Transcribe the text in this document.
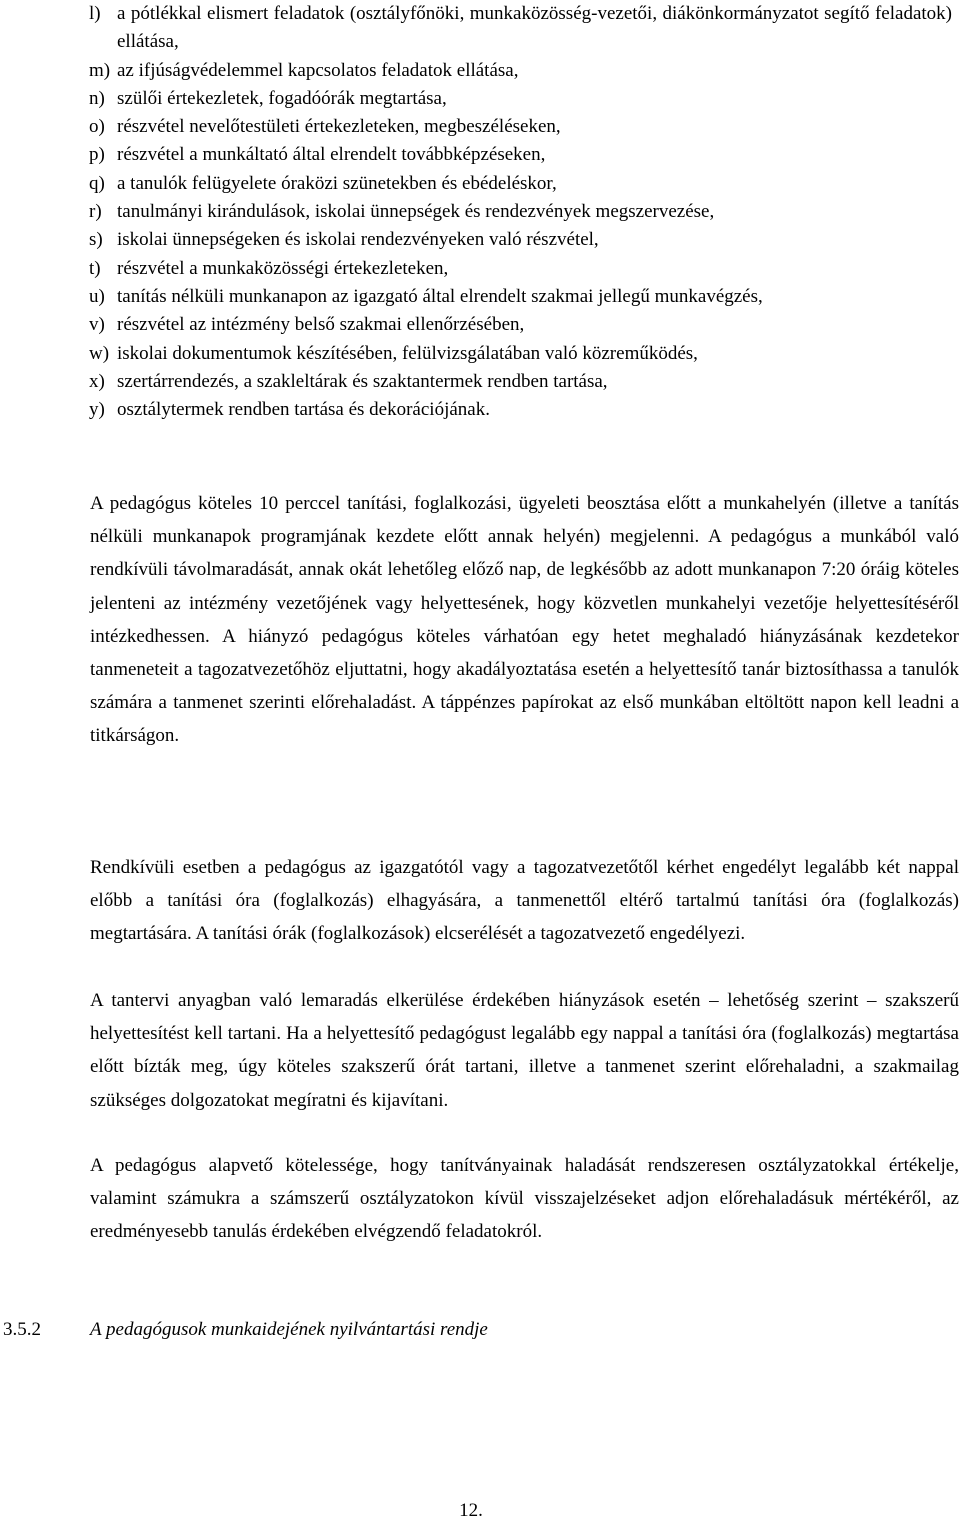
l) a pótlékkal elismert feladatok (osztályfőnöki, munkaközösség-vezetői, diákönkormányzatot segítő feladatok) ellátása,
m) az ifjúságvédelemmel kapcsolatos feladatok ellátása,
n) szülői értekezletek, fogadóórák megtartása,
o) részvétel nevelőtestületi értekezleteken, megbeszéléseken,
p) részvétel a munkáltató által elrendelt továbbképzéseken,
q) a tanulók felügyelete óraközi szünetekben és ebédeléskor,
r) tanulmányi kirándulások, iskolai ünnepségek és rendezvények megszervezése,
s) iskolai ünnepségeken és iskolai rendezvényeken való részvétel,
t) részvétel a munkaközösségi értekezleteken,
u) tanítás nélküli munkanapon az igazgató által elrendelt szakmai jellegű munkavégzés,
v) részvétel az intézmény belső szakmai ellenőrzésében,
w) iskolai dokumentumok készítésében, felülvizsgálatában való közreműködés,
x) szertárrendezés, a szakleltárak és szaktantermek rendben tartása,
y) osztálytermek rendben tartása és dekorációjának.

A pedagógus köteles 10 perccel tanítási, foglalkozási, ügyeleti beosztása előtt a munkahelyén (illetve a tanítás nélküli munkanapok programjának kezdete előtt annak helyén) megjelenni. A pedagógus a munkából való rendkívüli távolmaradását, annak okát lehetőleg előző nap, de legkésőbb az adott munkanapon 7:20 óráig köteles jelenteni az intézmény vezetőjének vagy helyettesének, hogy közvetlen munkahelyi vezetője helyettesítéséről intézkedhessen. A hiányzó pedagógus köteles várhatóan egy hetet meghaladó hiányzásának kezdetekor tanmeneteit a tagozatvezetőhöz eljuttatni, hogy akadályoztatása esetén a helyettesítő tanár biztosíthassa a tanulók számára a tanmenet szerinti előrehaladást. A táppénzes papírokat az első munkában eltöltött napon kell leadni a titkárságon.

Rendkívüli esetben a pedagógus az igazgatótól vagy a tagozatvezetőtől kérhet engedélyt legalább két nappal előbb a tanítási óra (foglalkozás) elhagyására, a tanmenettől eltérő tartalmú tanítási óra (foglalkozás) megtartására. A tanítási órák (foglalkozások) elcserélését a tagozatvezető engedélyezi.

A tantervi anyagban való lemaradás elkerülése érdekében hiányzások esetén – lehetőség szerint – szakszerű helyettesítést kell tartani. Ha a helyettesítő pedagógust legalább egy nappal a tanítási óra (foglalkozás) megtartása előtt bízták meg, úgy köteles szakszerű órát tartani, illetve a tanmenet szerint előrehaladni, a szakmailag szükséges dolgozatokat megíratni és kijavítani.

A pedagógus alapvető kötelessége, hogy tanítványainak haladását rendszeresen osztályzatokkal értékelje, valamint számukra a számszerű osztályzatokon kívül visszajelzéseket adjon előrehaladásuk mértékéről, az eredményesebb tanulás érdekében elvégzendő feladatokról.

3.5.2	A pedagógusok munkaidejének nyilvántartási rendje
12.
